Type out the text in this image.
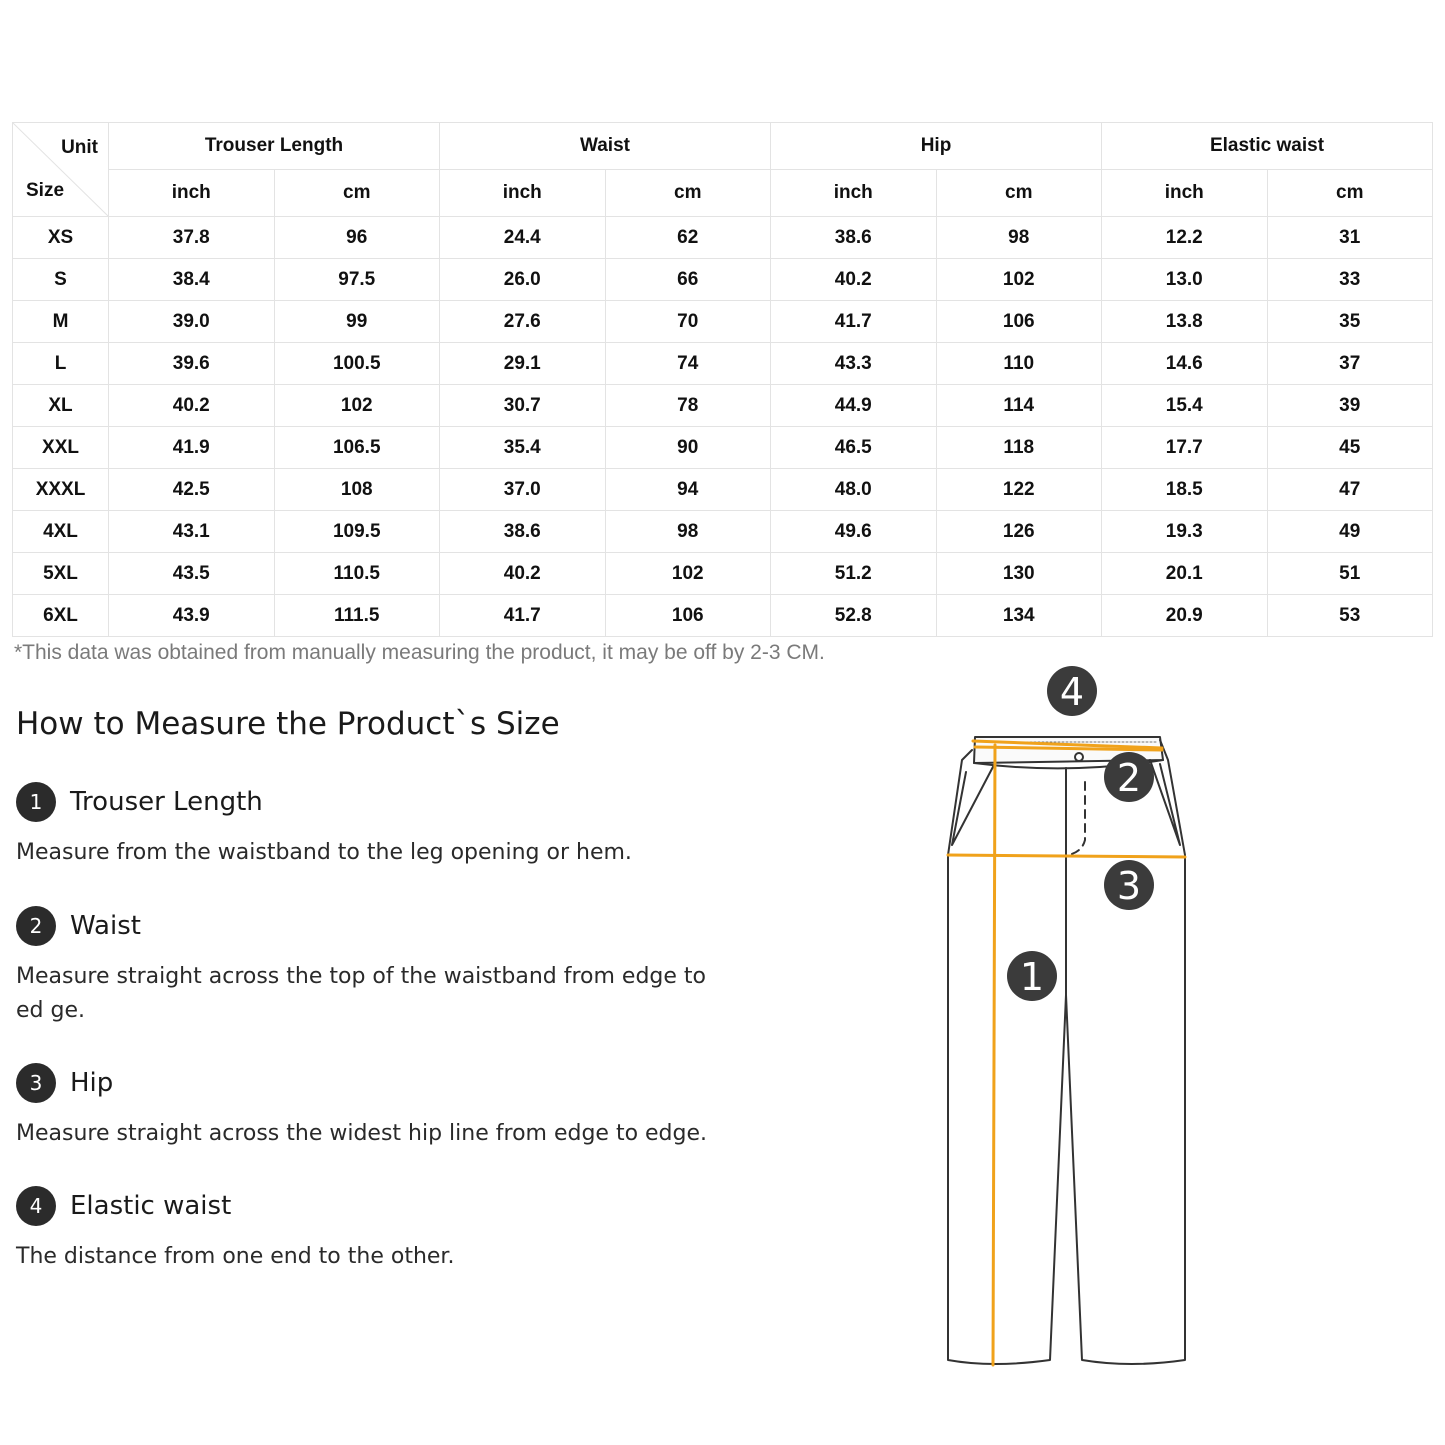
Unit
Size	Trouser Length		Waist		Hip		Elastic waist	
	inch	cm	inch	cm	inch	cm	inch	cm
XS	37.8	96	24.4	62	38.6	98	12.2	31
S	38.4	97.5	26.0	66	40.2	102	13.0	33
M	39.0	99	27.6	70	41.7	106	13.8	35
L	39.6	100.5	29.1	74	43.3	110	14.6	37
XL	40.2	102	30.7	78	44.9	114	15.4	39
XXL	41.9	106.5	35.4	90	46.5	118	17.7	45
XXXL	42.5	108	37.0	94	48.0	122	18.5	47
4XL	43.1	109.5	38.6	98	49.6	126	19.3	49
5XL	43.5	110.5	40.2	102	51.2	130	20.1	51
6XL	43.9	111.5	41.7	106	52.8	134	20.9	53
*This data was obtained from manually measuring the product, it may be off by 2-3 CM.
How to Measure the Product`s Size
1	Trouser Length
Measure from the waistband to the leg opening or hem.
2	Waist
Measure straight across the top of the waistband from edge to ed ge.
3	Hip
Measure straight across the widest hip line from edge to edge.
4	Elastic waist
The distance from one end to the other.
4
2
3
1
